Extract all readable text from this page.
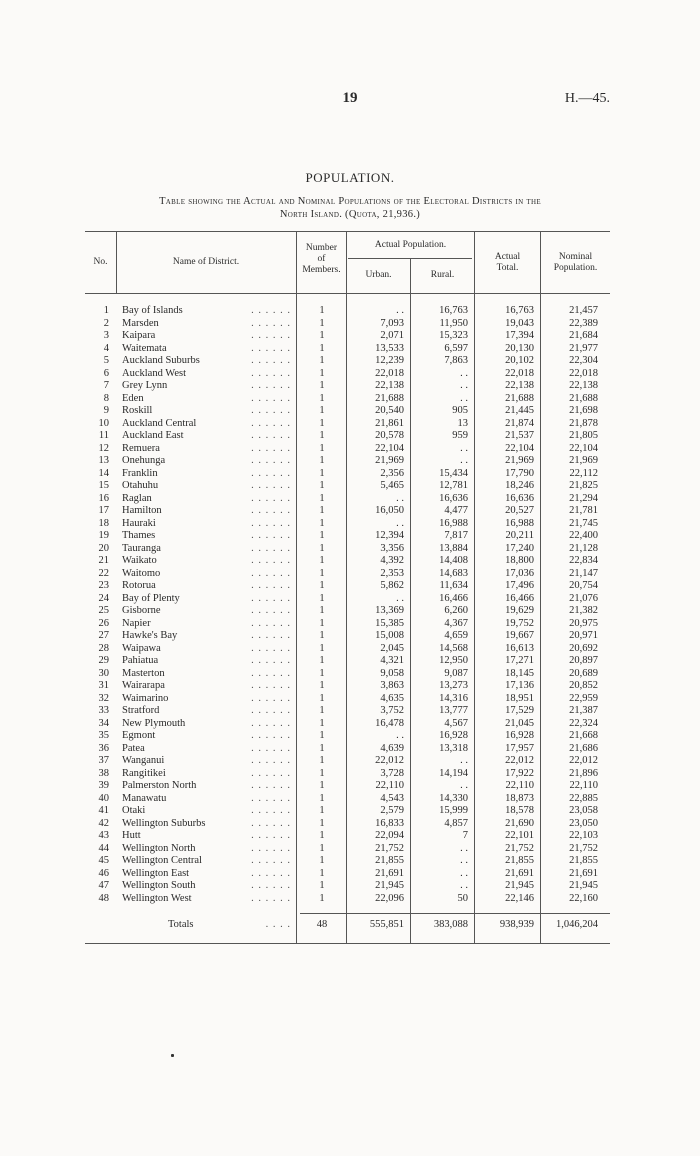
19	H.—45.
POPULATION.
Table showing the Actual and Nominal Populations of the Electoral Districts in the
North Island. (Quota, 21,936.)
No.	Name of District.
Number
of
Members.
Actual Population.
Urban.	Rural.
Actual
Total.
Nominal
Population.
1 Bay of Islands	. . . . . .	1	. .	16,763	16,763	21,457
2 Marsden	. . . . . .	1	7,093	11,950	19,043	22,389
3 Kaipara	. . . . . .	1	2,071	15,323	17,394	21,684
4 Waitemata	. . . . . .	1	13,533	6,597	20,130	21,977
5 Auckland Suburbs	. . . . . .	1	12,239	7,863	20,102	22,304
6 Auckland West	. . . . . .	1	22,018	. .	22,018	22,018
7 Grey Lynn	. . . . . .	1	22,138	. .	22,138	22,138
8 Eden	. . . . . .	1	21,688	. .	21,688	21,688
9 Roskill	. . . . . .	1	20,540	905	21,445	21,698
10 Auckland Central	. . . . . .	1	21,861	13	21,874	21,878
11 Auckland East	. . . . . .	1	20,578	959	21,537	21,805
12 Remuera	. . . . . .	1	22,104	. .	22,104	22,104
13 Onehunga	. . . . . .	1	21,969	. .	21,969	21,969
14 Franklin	. . . . . .	1	2,356	15,434	17,790	22,112
15 Otahuhu	. . . . . .	1	5,465	12,781	18,246	21,825
16 Raglan	. . . . . .	1	. .	16,636	16,636	21,294
17 Hamilton	. . . . . .	1	16,050	4,477	20,527	21,781
18 Hauraki	. . . . . .	1	. .	16,988	16,988	21,745
19 Thames	. . . . . .	1	12,394	7,817	20,211	22,400
20 Tauranga	. . . . . .	1	3,356	13,884	17,240	21,128
21 Waikato	. . . . . .	1	4,392	14,408	18,800	22,834
22 Waitomo	. . . . . .	1	2,353	14,683	17,036	21,147
23 Rotorua	. . . . . .	1	5,862	11,634	17,496	20,754
24 Bay of Plenty	. . . . . .	1	. .	16,466	16,466	21,076
25 Gisborne	. . . . . .	1	13,369	6,260	19,629	21,382
26 Napier	. . . . . .	1	15,385	4,367	19,752	20,975
27 Hawke's Bay	. . . . . .	1	15,008	4,659	19,667	20,971
28 Waipawa	. . . . . .	1	2,045	14,568	16,613	20,692
29 Pahiatua	. . . . . .	1	4,321	12,950	17,271	20,897
30 Masterton	. . . . . .	1	9,058	9,087	18,145	20,689
31 Wairarapa	. . . . . .	1	3,863	13,273	17,136	20,852
32 Waimarino	. . . . . .	1	4,635	14,316	18,951	22,959
33 Stratford	. . . . . .	1	3,752	13,777	17,529	21,387
34 New Plymouth	. . . . . .	1	16,478	4,567	21,045	22,324
35 Egmont	. . . . . .	1	. .	16,928	16,928	21,668
36 Patea	. . . . . .	1	4,639	13,318	17,957	21,686
37 Wanganui	. . . . . .	1	22,012	. .	22,012	22,012
38 Rangitikei	. . . . . .	1	3,728	14,194	17,922	21,896
39 Palmerston North	. . . . . .	1	22,110	. .	22,110	22,110
40 Manawatu	. . . . . .	1	4,543	14,330	18,873	22,885
41 Otaki	. . . . . .	1	2,579	15,999	18,578	23,058
42 Wellington Suburbs	. . . . . .	1	16,833	4,857	21,690	23,050
43 Hutt	. . . . . .	1	22,094	7	22,101	22,103
44 Wellington North	. . . . . .	1	21,752	. .	21,752	21,752
45 Wellington Central	. . . . . .	1	21,855	. .	21,855	21,855
46 Wellington East	. . . . . .	1	21,691	. .	21,691	21,691
47 Wellington South	. . . . . .	1	21,945	. .	21,945	21,945
48 Wellington West	. . . . . .	1	22,096	50	22,146	22,160
Totals	. . . .	48	555,851	383,088	938,939	1,046,204
